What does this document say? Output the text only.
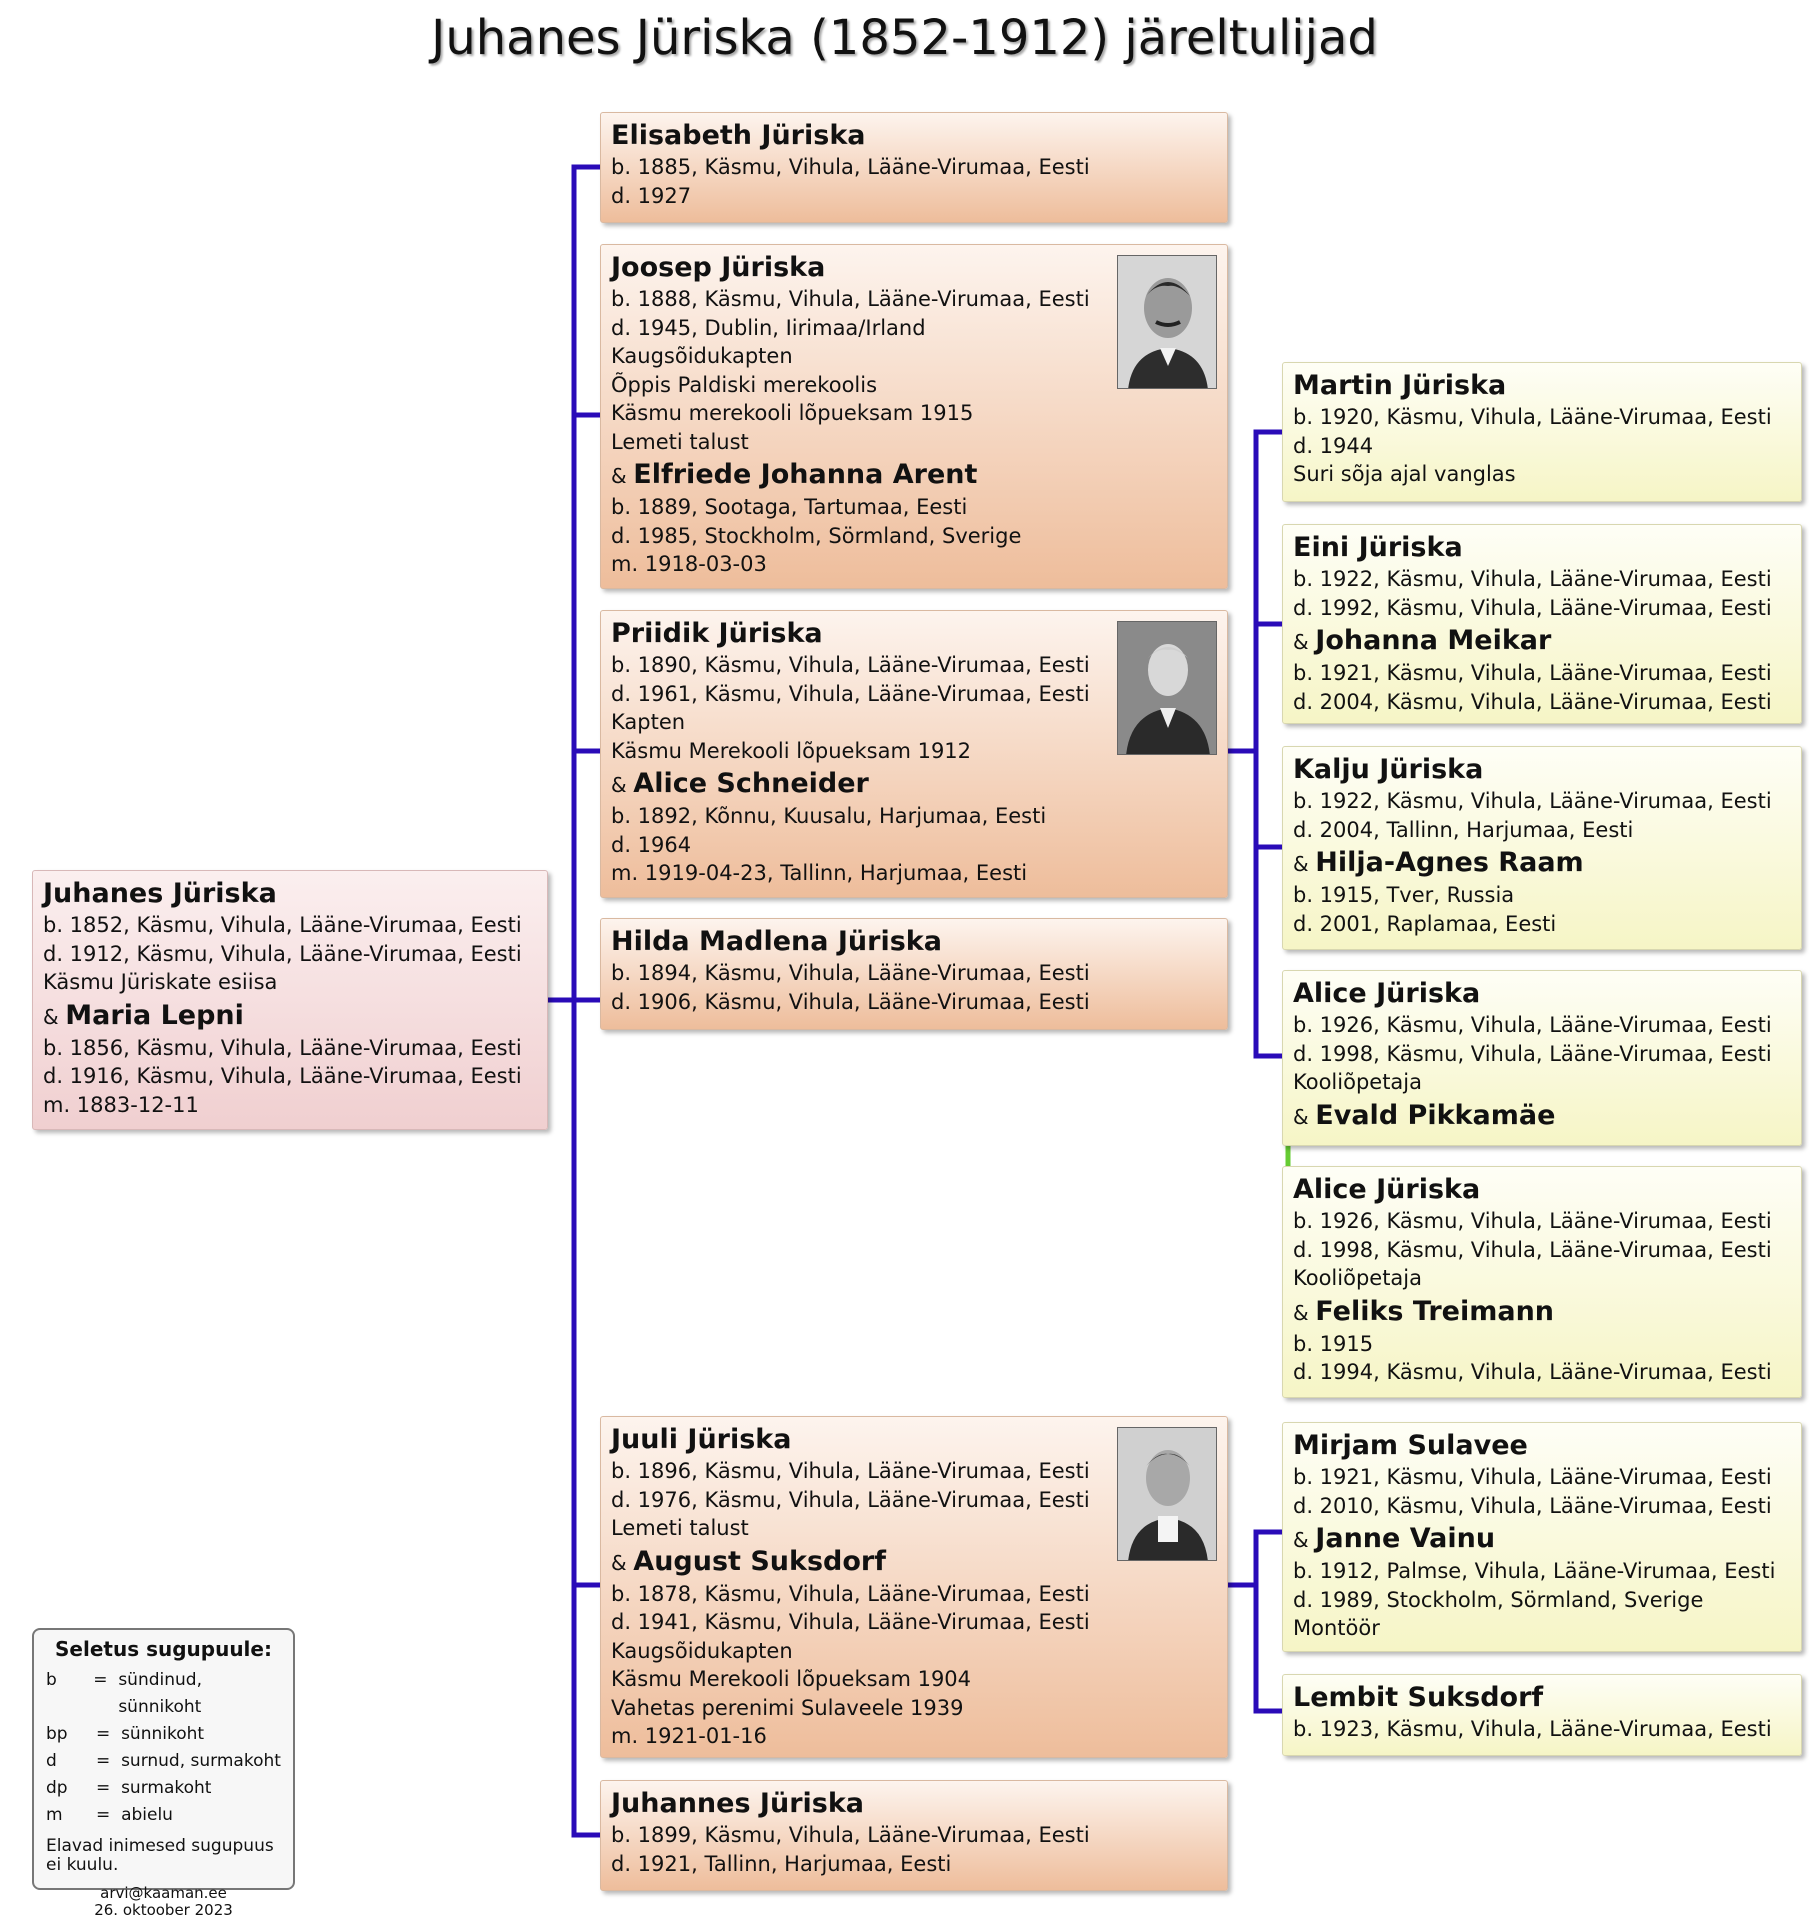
Juhanes Jüriska (1852-1912) järeltulijad
Juhanes Jüriska
b. 1852, Käsmu, Vihula, Lääne-Virumaa, Eesti
d. 1912, Käsmu, Vihula, Lääne-Virumaa, Eesti
Käsmu Jüriskate esiisa
& Maria Lepni
b. 1856, Käsmu, Vihula, Lääne-Virumaa, Eesti
d. 1916, Käsmu, Vihula, Lääne-Virumaa, Eesti
m. 1883-12-11
Elisabeth Jüriska
b. 1885, Käsmu, Vihula, Lääne-Virumaa, Eesti
d. 1927
Joosep Jüriska
b. 1888, Käsmu, Vihula, Lääne-Virumaa, Eesti
d. 1945, Dublin, Iirimaa/Irland
Kaugsõidukapten
Õppis Paldiski merekoolis
Käsmu merekooli lõpueksam 1915
Lemeti talust
& Elfriede Johanna Arent
b. 1889, Sootaga, Tartumaa, Eesti
d. 1985, Stockholm, Sörmland, Sverige
m. 1918-03-03
Priidik Jüriska
b. 1890, Käsmu, Vihula, Lääne-Virumaa, Eesti
d. 1961, Käsmu, Vihula, Lääne-Virumaa, Eesti
Kapten
Käsmu Merekooli lõpueksam 1912
& Alice Schneider
b. 1892, Kõnnu, Kuusalu, Harjumaa, Eesti
d. 1964
m. 1919-04-23, Tallinn, Harjumaa, Eesti
Hilda Madlena Jüriska
b. 1894, Käsmu, Vihula, Lääne-Virumaa, Eesti
d. 1906, Käsmu, Vihula, Lääne-Virumaa, Eesti
Juuli Jüriska
b. 1896, Käsmu, Vihula, Lääne-Virumaa, Eesti
d. 1976, Käsmu, Vihula, Lääne-Virumaa, Eesti
Lemeti talust
& August Suksdorf
b. 1878, Käsmu, Vihula, Lääne-Virumaa, Eesti
d. 1941, Käsmu, Vihula, Lääne-Virumaa, Eesti
Kaugsõidukapten
Käsmu Merekooli lõpueksam 1904
Vahetas perenimi Sulaveele 1939
m. 1921-01-16
Juhannes Jüriska
b. 1899, Käsmu, Vihula, Lääne-Virumaa, Eesti
d. 1921, Tallinn, Harjumaa, Eesti
Martin Jüriska
b. 1920, Käsmu, Vihula, Lääne-Virumaa, Eesti
d. 1944
Suri sõja ajal vanglas
Eini Jüriska
b. 1922, Käsmu, Vihula, Lääne-Virumaa, Eesti
d. 1992, Käsmu, Vihula, Lääne-Virumaa, Eesti
& Johanna Meikar
b. 1921, Käsmu, Vihula, Lääne-Virumaa, Eesti
d. 2004, Käsmu, Vihula, Lääne-Virumaa, Eesti
Kalju Jüriska
b. 1922, Käsmu, Vihula, Lääne-Virumaa, Eesti
d. 2004, Tallinn, Harjumaa, Eesti
& Hilja-Agnes Raam
b. 1915, Tver, Russia
d. 2001, Raplamaa, Eesti
Alice Jüriska
b. 1926, Käsmu, Vihula, Lääne-Virumaa, Eesti
d. 1998, Käsmu, Vihula, Lääne-Virumaa, Eesti
Kooliõpetaja
& Evald Pikkamäe
Alice Jüriska
b. 1926, Käsmu, Vihula, Lääne-Virumaa, Eesti
d. 1998, Käsmu, Vihula, Lääne-Virumaa, Eesti
Kooliõpetaja
& Feliks Treimann
b. 1915
d. 1994, Käsmu, Vihula, Lääne-Virumaa, Eesti
Mirjam Sulavee
b. 1921, Käsmu, Vihula, Lääne-Virumaa, Eesti
d. 2010, Käsmu, Vihula, Lääne-Virumaa, Eesti
& Janne Vainu
b. 1912, Palmse, Vihula, Lääne-Virumaa, Eesti
d. 1989, Stockholm, Sörmland, Sverige
Montöör
Lembit Suksdorf
b. 1923, Käsmu, Vihula, Lääne-Virumaa, Eesti
Seletus sugupuule:
b	=
sündinud, sünnikoht
bp	=
sünnikoht
d	=
surnud, surmakoht
dp	=
surmakoht
m	=
abielu
Elavad inimesed sugupuus ei kuulu.
arvi@kaaman.ee
26. oktoober 2023
